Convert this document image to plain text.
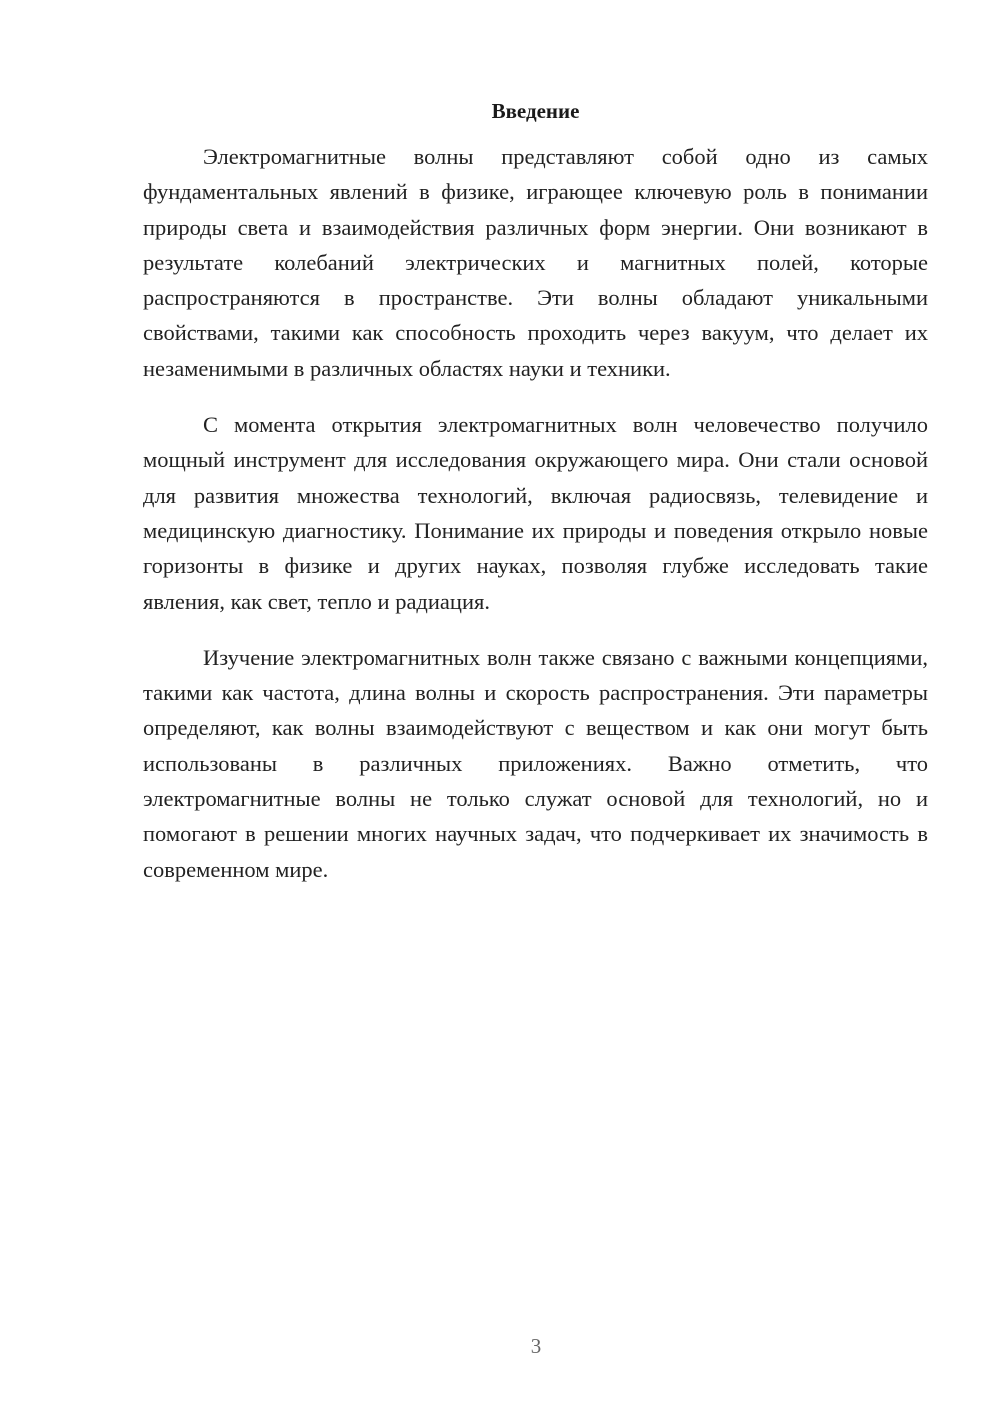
Введение

Электромагнитные волны представляют собой одно из самых фундаментальных явлений в физике, играющее ключевую роль в понимании природы света и взаимодействия различных форм энергии. Они возникают в результате колебаний электрических и магнитных полей, которые распространяются в пространстве. Эти волны обладают уникальными свойствами, такими как способность проходить через вакуум, что делает их незаменимыми в различных областях науки и техники.

С момента открытия электромагнитных волн человечество получило мощный инструмент для исследования окружающего мира. Они стали основой для развития множества технологий, включая радиосвязь, телевидение и медицинскую диагностику. Понимание их природы и поведения открыло новые горизонты в физике и других науках, позволяя глубже исследовать такие явления, как свет, тепло и радиация.

Изучение электромагнитных волн также связано с важными концепциями, такими как частота, длина волны и скорость распространения. Эти параметры определяют, как волны взаимодействуют с веществом и как они могут быть использованы в различных приложениях. Важно отметить, что электромагнитные волны не только служат основой для технологий, но и помогают в решении многих научных задач, что подчеркивает их значимость в современном мире.

3
